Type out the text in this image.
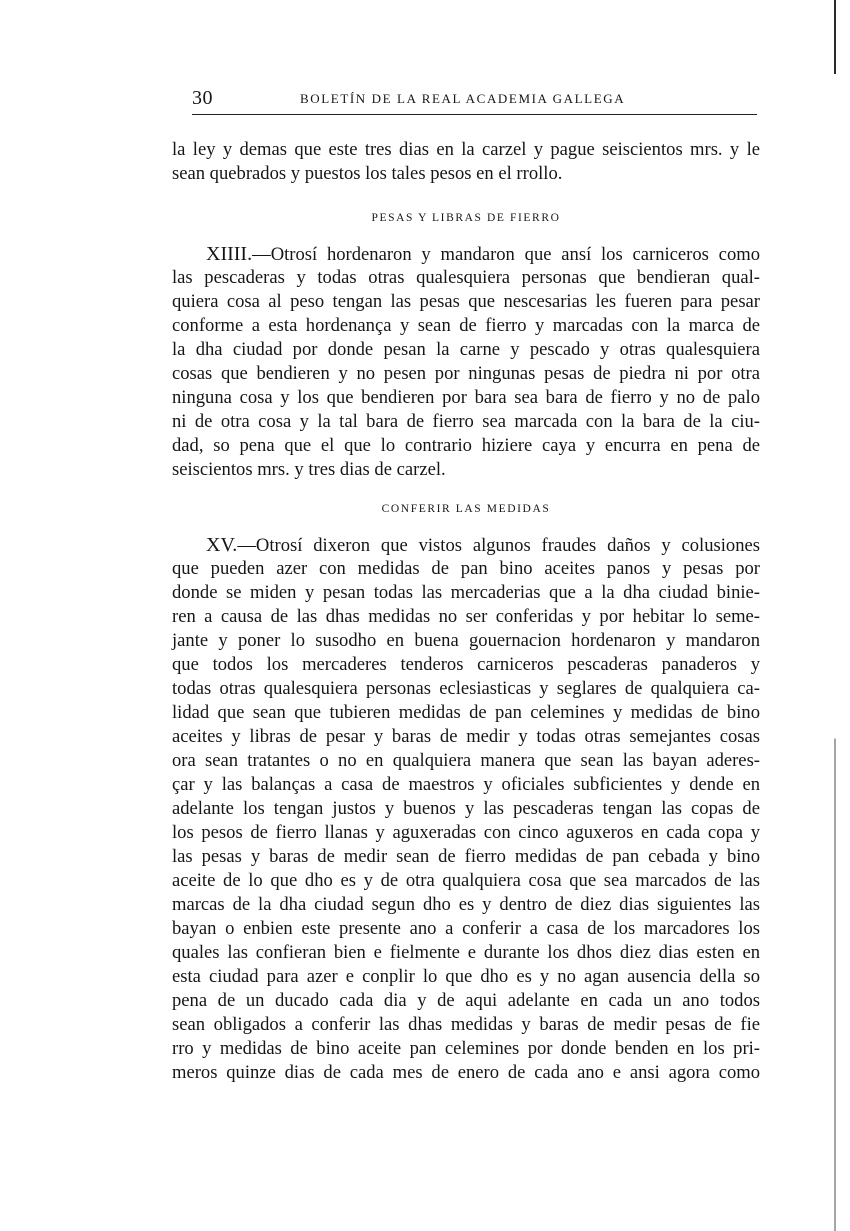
30	BOLETÍN DE LA REAL ACADEMIA GALLEGA
la ley y demas que este tres dias en la carzel y pague seiscientos mrs. y le
sean quebrados y puestos los tales pesos en el rrollo.
PESAS Y LIBRAS DE FIERRO
XIIII.—Otrosí hordenaron y mandaron que ansí los carniceros como
las pescaderas y todas otras qualesquiera personas que bendieran qual-
quiera cosa al peso tengan las pesas que nescesarias les fueren para pesar
conforme a esta hordenança y sean de fierro y marcadas con la marca de
la dha ciudad por donde pesan la carne y pescado y otras qualesquiera
cosas que bendieren y no pesen por ningunas pesas de piedra ni por otra
ninguna cosa y los que bendieren por bara sea bara de fierro y no de palo
ni de otra cosa y la tal bara de fierro sea marcada con la bara de la ciu-
dad, so pena que el que lo contrario hiziere caya y encurra en pena de
seiscientos mrs. y tres dias de carzel.
CONFERIR LAS MEDIDAS
XV.—Otrosí dixeron que vistos algunos fraudes daños y colusiones
que pueden azer con medidas de pan bino aceites panos y pesas por
donde se miden y pesan todas las mercaderias que a la dha ciudad binie-
ren a causa de las dhas medidas no ser conferidas y por hebitar lo seme-
jante y poner lo susodho en buena gouernacion hordenaron y mandaron
que todos los mercaderes tenderos carniceros pescaderas panaderos y
todas otras qualesquiera personas eclesiasticas y seglares de qualquiera ca-
lidad que sean que tubieren medidas de pan celemines y medidas de bino
aceites y libras de pesar y baras de medir y todas otras semejantes cosas
ora sean tratantes o no en qualquiera manera que sean las bayan aderes-
çar y las balanças a casa de maestros y oficiales subficientes y dende en
adelante los tengan justos y buenos y las pescaderas tengan las copas de
los pesos de fierro llanas y aguxeradas con cinco aguxeros en cada copa y
las pesas y baras de medir sean de fierro medidas de pan cebada y bino
aceite de lo que dho es y de otra qualquiera cosa que sea marcados de las
marcas de la dha ciudad segun dho es y dentro de diez dias siguientes las
bayan o enbien este presente ano a conferir a casa de los marcadores los
quales las confieran bien e fielmente e durante los dhos diez dias esten en
esta ciudad para azer e conplir lo que dho es y no agan ausencia della so
pena de un ducado cada dia y de aqui adelante en cada un ano todos
sean obligados a conferir las dhas medidas y baras de medir pesas de fie
rro y medidas de bino aceite pan celemines por donde benden en los pri-
meros quinze dias de cada mes de enero de cada ano e ansi agora como
